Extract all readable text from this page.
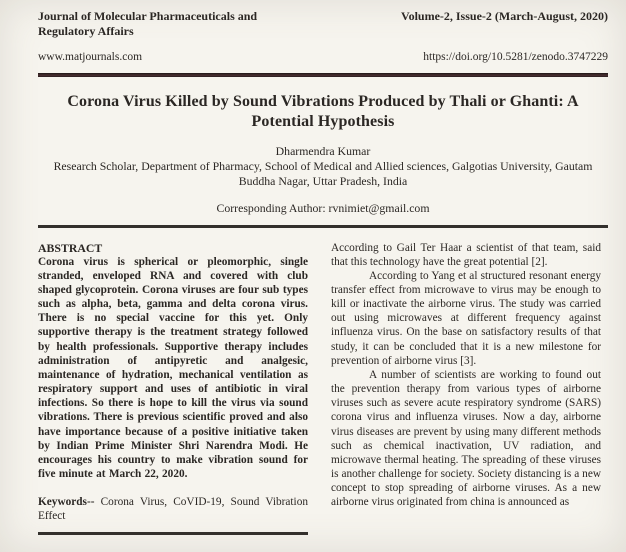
Journal of Molecular Pharmaceuticals and Regulatory Affairs
Volume-2, Issue-2 (March-August, 2020)
www.matjournals.com	https://doi.org/10.5281/zenodo.3747229
Corona Virus Killed by Sound Vibrations Produced by Thali or Ghanti: A Potential Hypothesis
Dharmendra Kumar
Research Scholar, Department of Pharmacy, School of Medical and Allied sciences, Galgotias University, Gautam Buddha Nagar, Uttar Pradesh, India
Corresponding Author: rvnimiet@gmail.com
ABSTRACT

Corona virus is spherical or pleomorphic, single stranded, enveloped RNA and covered with club shaped glycoprotein. Corona viruses are four sub types such as alpha, beta, gamma and delta corona virus. There is no special vaccine for this yet. Only supportive therapy is the treatment strategy followed by health professionals. Supportive therapy includes administration of antipyretic and analgesic, maintenance of hydration, mechanical ventilation as respiratory support and uses of antibiotic in viral infections. So there is hope to kill the virus via sound vibrations. There is previous scientific proved and also have importance because of a positive initiative taken by Indian Prime Minister Shri Narendra Modi. He encourages his country to make vibration sound for five minute at March 22, 2020.

Keywords-- Corona Virus, CoVID-19, Sound Vibration Effect

According to Gail Ter Haar a scientist of that team, said that this technology have the great potential [2].

According to Yang et al structured resonant energy transfer effect from microwave to virus may be enough to kill or inactivate the airborne virus. The study was carried out using microwaves at different frequency against influenza virus. On the base on satisfactory results of that study, it can be concluded that it is a new milestone for prevention of airborne virus [3].

A number of scientists are working to found out the prevention therapy from various types of airborne viruses such as severe acute respiratory syndrome (SARS) corona virus and influenza viruses. Now a day, airborne virus diseases are prevent by using many different methods such as chemical inactivation, UV radiation, and microwave thermal heating. The spreading of these viruses is another challenge for society. Society distancing is a new concept to stop spreading of airborne viruses. As a new airborne virus originated from china is announced as
